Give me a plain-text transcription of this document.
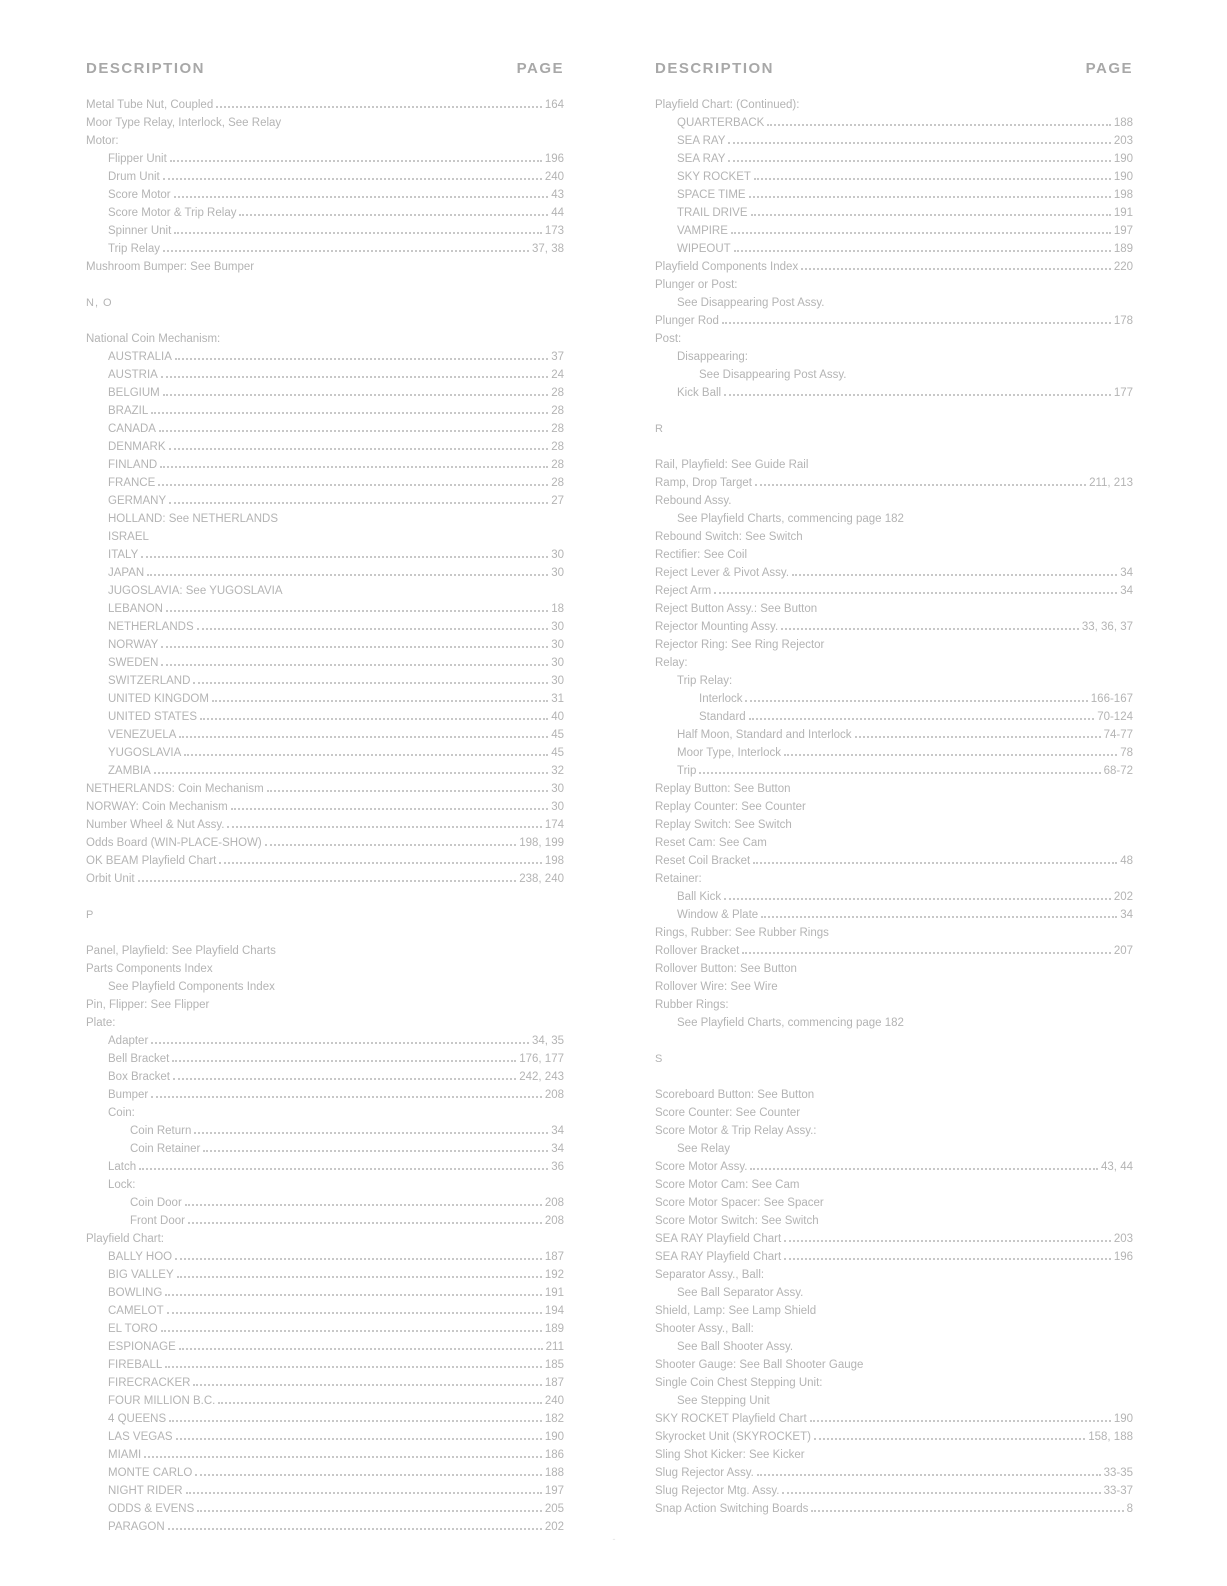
DESCRIPTION	PAGE
Metal Tube Nut, Coupled	164
Moor Type Relay, Interlock, See Relay
Motor:
Flipper Unit	196
Drum Unit	240
Score Motor	43
Score Motor & Trip Relay	44
Spinner Unit	173
Trip Relay	37, 38
Mushroom Bumper: See Bumper
N, O
National Coin Mechanism:
AUSTRALIA	37
AUSTRIA	24
BELGIUM	28
BRAZIL	28
CANADA	28
DENMARK	28
FINLAND	28
FRANCE	28
GERMANY	27
HOLLAND: See NETHERLANDS
ISRAEL
ITALY	30
JAPAN	30
JUGOSLAVIA: See YUGOSLAVIA
LEBANON	18
NETHERLANDS	30
NORWAY	30
SWEDEN	30
SWITZERLAND	30
UNITED KINGDOM	31
UNITED STATES	40
VENEZUELA	45
YUGOSLAVIA	45
ZAMBIA	32
NETHERLANDS: Coin Mechanism	30
NORWAY: Coin Mechanism	30
Number Wheel & Nut Assy.	174
Odds Board (WIN-PLACE-SHOW)	198, 199
OK BEAM Playfield Chart	198
Orbit Unit	238, 240
P
Panel, Playfield: See Playfield Charts
Parts Components Index
See Playfield Components Index
Pin, Flipper: See Flipper
Plate:
Adapter	34, 35
Bell Bracket	176, 177
Box Bracket	242, 243
Bumper	208
Coin:
Coin Return	34
Coin Retainer	34
Latch	36
Lock:
Coin Door	208
Front Door	208
Playfield Chart:
BALLY HOO	187
BIG VALLEY	192
BOWLING	191
CAMELOT	194
EL TORO	189
ESPIONAGE	211
FIREBALL	185
FIRECRACKER	187
FOUR MILLION B.C.	240
4 QUEENS	182
LAS VEGAS	190
MIAMI	186
MONTE CARLO	188
NIGHT RIDER	197
ODDS & EVENS	205
PARAGON	202
DESCRIPTION	PAGE
Playfield Chart: (Continued):
QUARTERBACK	188
SEA RAY	203
SEA RAY	190
SKY ROCKET	190
SPACE TIME	198
TRAIL DRIVE	191
VAMPIRE	197
WIPEOUT	189
Playfield Components Index	220
Plunger or Post:
See Disappearing Post Assy.
Plunger Rod	178
Post:
Disappearing:
See Disappearing Post Assy.
Kick Ball	177
R
Rail, Playfield: See Guide Rail
Ramp, Drop Target	211, 213
Rebound Assy.
See Playfield Charts, commencing page 182
Rebound Switch: See Switch
Rectifier: See Coil
Reject Lever & Pivot Assy.	34
Reject Arm	34
Reject Button Assy.: See Button
Rejector Mounting Assy.	33, 36, 37
Rejector Ring: See Ring Rejector
Relay:
Trip Relay:
Interlock	166-167
Standard	70-124
Half Moon, Standard and Interlock	74-77
Moor Type, Interlock	78
Trip	68-72
Replay Button: See Button
Replay Counter: See Counter
Replay Switch: See Switch
Reset Cam: See Cam
Reset Coil Bracket	48
Retainer:
Ball Kick	202
Window & Plate	34
Rings, Rubber: See Rubber Rings
Rollover Bracket	207
Rollover Button: See Button
Rollover Wire: See Wire
Rubber Rings:
See Playfield Charts, commencing page 182
S
Scoreboard Button: See Button
Score Counter: See Counter
Score Motor & Trip Relay Assy.:
See Relay
Score Motor Assy.	43, 44
Score Motor Cam: See Cam
Score Motor Spacer: See Spacer
Score Motor Switch: See Switch
SEA RAY Playfield Chart	203
SEA RAY Playfield Chart	196
Separator Assy., Ball:
See Ball Separator Assy.
Shield, Lamp: See Lamp Shield
Shooter Assy., Ball:
See Ball Shooter Assy.
Shooter Gauge: See Ball Shooter Gauge
Single Coin Chest Stepping Unit:
See Stepping Unit
SKY ROCKET Playfield Chart	190
Skyrocket Unit (SKYROCKET)	158, 188
Sling Shot Kicker: See Kicker
Slug Rejector Assy.	33-35
Slug Rejector Mtg. Assy.	33-37
Snap Action Switching Boards	8
-
